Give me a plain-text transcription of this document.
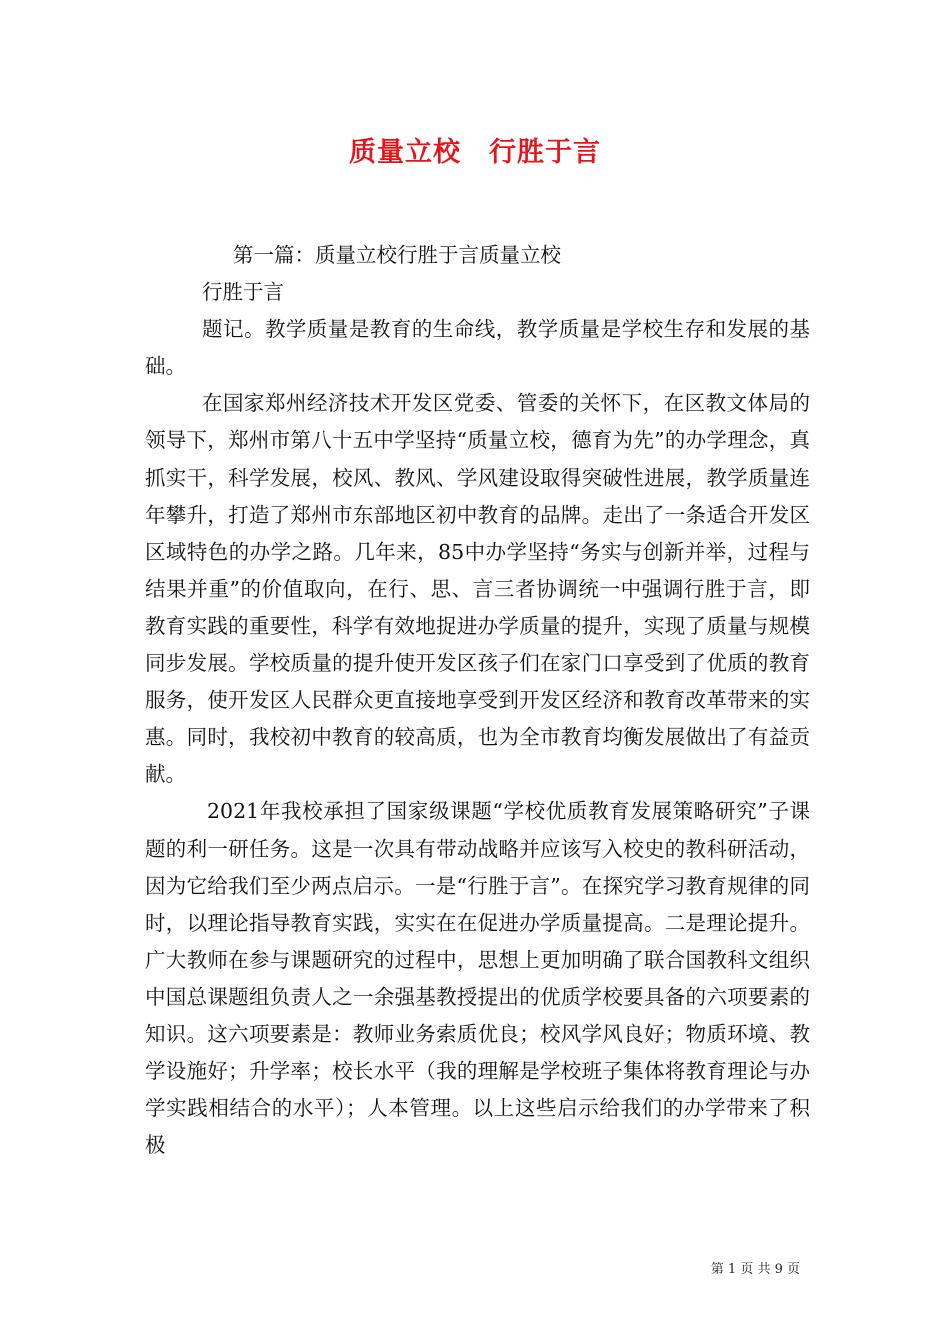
质量立校　行胜于言

第一篇：质量立校行胜于言质量立校

行胜于言

题记。教学质量是教育的生命线，教学质量是学校生存和发展的基础。

在国家郑州经济技术开发区党委、管委的关怀下，在区教文体局的领导下，郑州市第八十五中学坚持“质量立校，德育为先”的办学理念，真抓实干，科学发展，校风、教风、学风建设取得突破性进展，教学质量连年攀升，打造了郑州市东部地区初中教育的品牌。走出了一条适合开发区区域特色的办学之路。几年来，85中办学坚持“务实与创新并举，过程与结果并重”的价值取向，在行、思、言三者协调统一中强调行胜于言，即教育实践的重要性，科学有效地捉进办学质量的提升，实现了质量与规模同步发展。学校质量的提升使开发区孩子们在家门口享受到了优质的教育服务，使开发区人民群众更直接地享受到开发区经济和教育改革带来的实惠。同时，我校初中教育的较高质，也为全市教育均衡发展做出了有益贡献。

2021年我校承担了国家级课题“学校优质教育发展策略研究”子课题的利一研任务。这是一次具有带动战略并应该写入校史的教科研活动，因为它给我们至少两点启示。一是“行胜于言”。在探究学习教育规律的同时，以理论指导教育实践，实实在在促进办学质量提高。二是理论提升。广大教师在参与课题研究的过程中，思想上更加明确了联合国教科文组织中国总课题组负责人之一余强基教授提出的优质学校要具备的六项要素的知识。这六项要素是：教师业务索质优良；校风学风良好；物质环境、教学设施好；升学率；校长水平（我的理解是学校班子集体将教育理论与办学实践相结合的水平）；人本管理。以上这些启示给我们的办学带来了积极

第 1 页 共 9 页
